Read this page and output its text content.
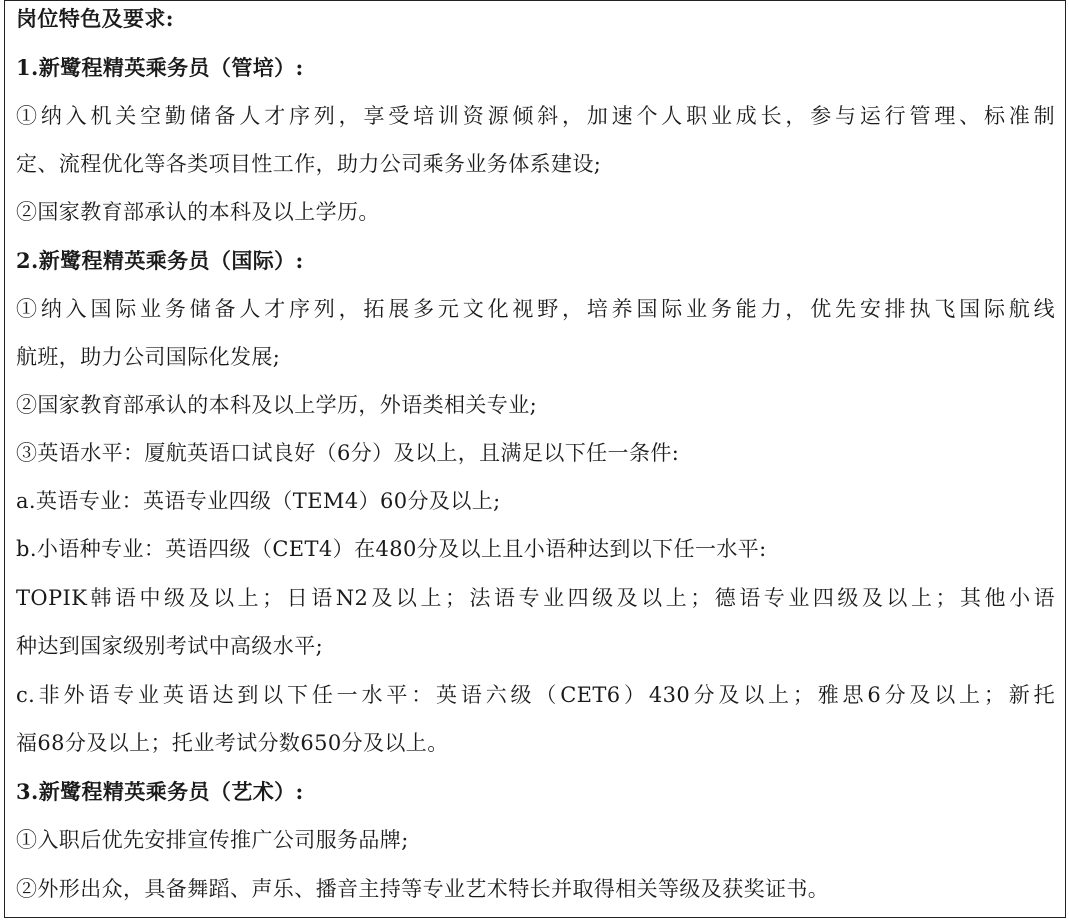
岗位特色及要求:
1.新鹭程精英乘务员（管培）:
①纳入机关空勤储备人才序列，享受培训资源倾斜，加速个人职业成长，参与运行管理、标准制
定、流程优化等各类项目性工作，助力公司乘务业务体系建设;
②国家教育部承认的本科及以上学历。
2.新鹭程精英乘务员（国际）:
①纳入国际业务储备人才序列，拓展多元文化视野，培养国际业务能力，优先安排执飞国际航线
航班，助力公司国际化发展;
②国家教育部承认的本科及以上学历，外语类相关专业;
③英语水平：厦航英语口试良好（6分）及以上，且满足以下任一条件:
a.英语专业：英语专业四级（TEM4）60分及以上;
b.小语种专业：英语四级（CET4）在480分及以上且小语种达到以下任一水平:
TOPIK韩语中级及以上；日语N2及以上；法语专业四级及以上；德语专业四级及以上；其他小语
种达到国家级别考试中高级水平;
c.非外语专业英语达到以下任一水平：英语六级（CET6）430分及以上；雅思6分及以上；新托
福68分及以上；托业考试分数650分及以上。
3.新鹭程精英乘务员（艺术）:
①入职后优先安排宣传推广公司服务品牌;
②外形出众，具备舞蹈、声乐、播音主持等专业艺术特长并取得相关等级及获奖证书。
